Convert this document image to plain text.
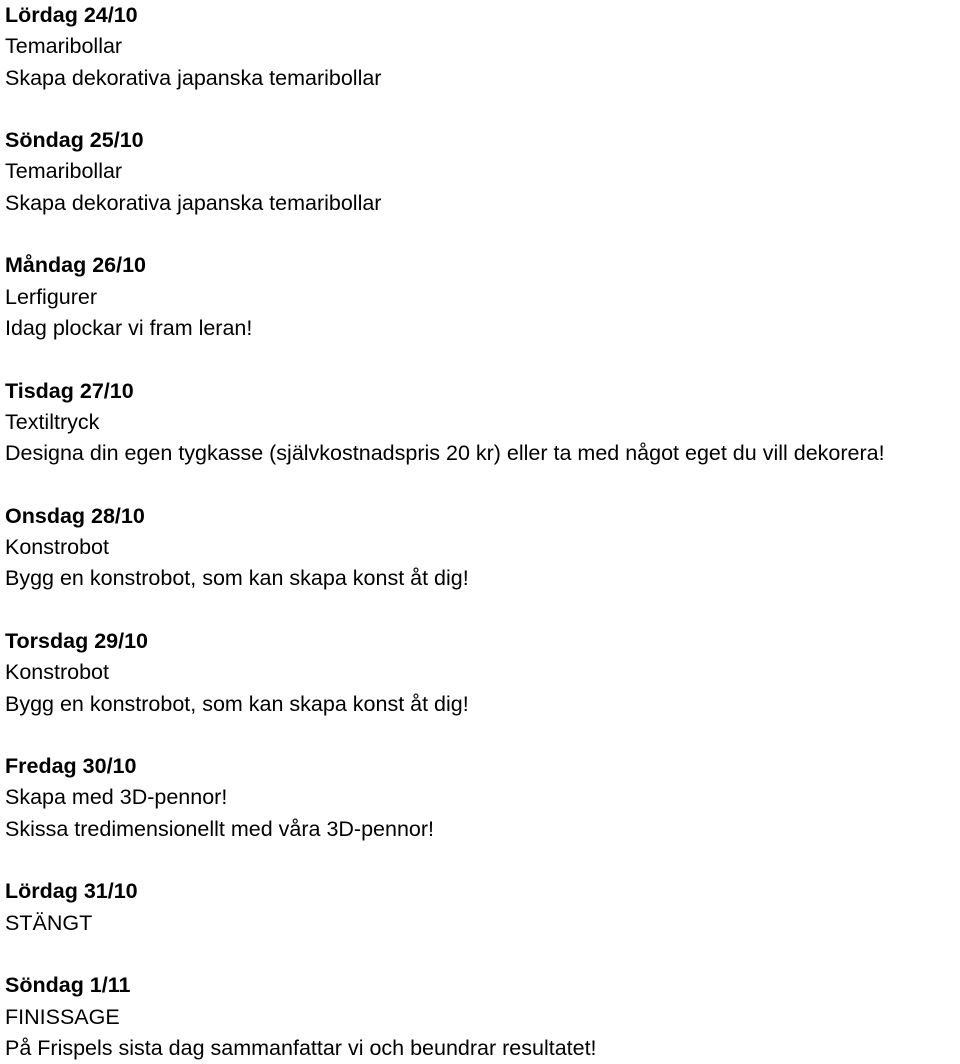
Lördag 24/10
Temaribollar
Skapa dekorativa japanska temaribollar
Söndag 25/10
Temaribollar
Skapa dekorativa japanska temaribollar
Måndag 26/10
Lerfigurer
Idag plockar vi fram leran!
Tisdag 27/10
Textiltryck
Designa din egen tygkasse (självkostnadspris 20 kr) eller ta med något eget du vill dekorera!
Onsdag 28/10
Konstrobot
Bygg en konstrobot, som kan skapa konst åt dig!
Torsdag 29/10
Konstrobot
Bygg en konstrobot, som kan skapa konst åt dig!
Fredag 30/10
Skapa med 3D-pennor!
Skissa tredimensionellt med våra 3D-pennor!
Lördag 31/10
STÄNGT
Söndag 1/11
FINISSAGE
På Frispels sista dag sammanfattar vi och beundrar resultatet!
